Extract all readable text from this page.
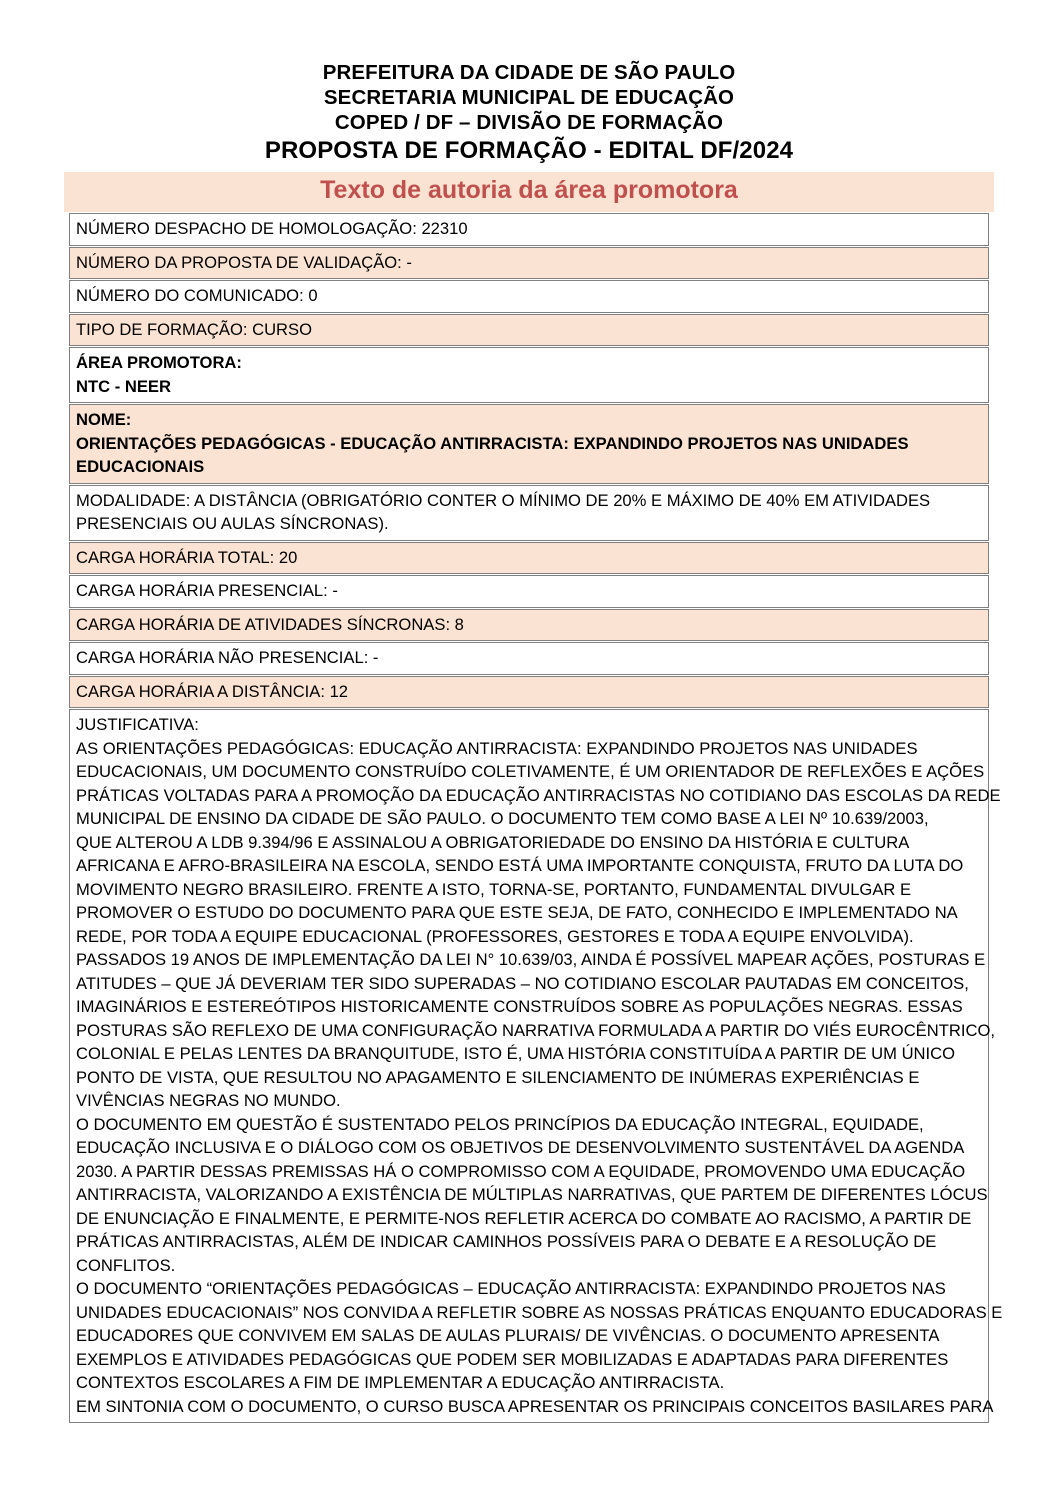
PREFEITURA DA CIDADE DE SÃO PAULO
SECRETARIA MUNICIPAL DE EDUCAÇÃO
COPED / DF – DIVISÃO DE FORMAÇÃO
PROPOSTA DE FORMAÇÃO - EDITAL DF/2024
Texto de autoria da área promotora
NÚMERO DESPACHO DE HOMOLOGAÇÃO: 22310
NÚMERO DA PROPOSTA DE VALIDAÇÃO: -
NÚMERO DO COMUNICADO: 0
TIPO DE FORMAÇÃO: CURSO
ÁREA PROMOTORA:
NTC - NEER
NOME:
ORIENTAÇÕES PEDAGÓGICAS - EDUCAÇÃO ANTIRRACISTA: EXPANDINDO PROJETOS NAS UNIDADES EDUCACIONAIS
MODALIDADE: A DISTÂNCIA (OBRIGATÓRIO CONTER O MÍNIMO DE 20% E MÁXIMO DE 40% EM ATIVIDADES PRESENCIAIS OU AULAS SÍNCRONAS).
CARGA HORÁRIA TOTAL: 20
CARGA HORÁRIA PRESENCIAL: -
CARGA HORÁRIA DE ATIVIDADES SÍNCRONAS: 8
CARGA HORÁRIA NÃO PRESENCIAL: -
CARGA HORÁRIA A DISTÂNCIA: 12

JUSTIFICATIVA:
AS ORIENTAÇÕES PEDAGÓGICAS: EDUCAÇÃO ANTIRRACISTA: EXPANDINDO PROJETOS NAS UNIDADES
EDUCACIONAIS, UM DOCUMENTO CONSTRUÍDO COLETIVAMENTE, É UM ORIENTADOR DE REFLEXÕES E AÇÕES
PRÁTICAS VOLTADAS PARA A PROMOÇÃO DA EDUCAÇÃO ANTIRRACISTAS NO COTIDIANO DAS ESCOLAS DA REDE
MUNICIPAL DE ENSINO DA CIDADE DE SÃO PAULO. O DOCUMENTO TEM COMO BASE A LEI Nº 10.639/2003,
QUE ALTEROU A LDB 9.394/96 E ASSINALOU A OBRIGATORIEDADE DO ENSINO DA HISTÓRIA E CULTURA
AFRICANA E AFRO-BRASILEIRA NA ESCOLA, SENDO ESTÁ UMA IMPORTANTE CONQUISTA, FRUTO DA LUTA DO
MOVIMENTO NEGRO BRASILEIRO. FRENTE A ISTO, TORNA-SE, PORTANTO, FUNDAMENTAL DIVULGAR E
PROMOVER O ESTUDO DO DOCUMENTO PARA QUE ESTE SEJA, DE FATO, CONHECIDO E IMPLEMENTADO NA
REDE, POR TODA A EQUIPE EDUCACIONAL (PROFESSORES, GESTORES E TODA A EQUIPE ENVOLVIDA).
PASSADOS 19 ANOS DE IMPLEMENTAÇÃO DA LEI N° 10.639/03, AINDA É POSSÍVEL MAPEAR AÇÕES, POSTURAS E
ATITUDES – QUE JÁ DEVERIAM TER SIDO SUPERADAS – NO COTIDIANO ESCOLAR PAUTADAS EM CONCEITOS,
IMAGINÁRIOS E ESTEREÓTIPOS HISTORICAMENTE CONSTRUÍDOS SOBRE AS POPULAÇÕES NEGRAS. ESSAS
POSTURAS SÃO REFLEXO DE UMA CONFIGURAÇÃO NARRATIVA FORMULADA A PARTIR DO VIÉS EUROCÊNTRICO,
COLONIAL E PELAS LENTES DA BRANQUITUDE, ISTO É, UMA HISTÓRIA CONSTITUÍDA A PARTIR DE UM ÚNICO
PONTO DE VISTA, QUE RESULTOU NO APAGAMENTO E SILENCIAMENTO DE INÚMERAS EXPERIÊNCIAS E
VIVÊNCIAS NEGRAS NO MUNDO.
O DOCUMENTO EM QUESTÃO É SUSTENTADO PELOS PRINCÍPIOS DA EDUCAÇÃO INTEGRAL, EQUIDADE,
EDUCAÇÃO INCLUSIVA E O DIÁLOGO COM OS OBJETIVOS DE DESENVOLVIMENTO SUSTENTÁVEL DA AGENDA
2030. A PARTIR DESSAS PREMISSAS HÁ O COMPROMISSO COM A EQUIDADE, PROMOVENDO UMA EDUCAÇÃO
ANTIRRACISTA, VALORIZANDO A EXISTÊNCIA DE MÚLTIPLAS NARRATIVAS, QUE PARTEM DE DIFERENTES LÓCUS
DE ENUNCIAÇÃO E FINALMENTE, E PERMITE-NOS REFLETIR ACERCA DO COMBATE AO RACISMO, A PARTIR DE
PRÁTICAS ANTIRRACISTAS, ALÉM DE INDICAR CAMINHOS POSSÍVEIS PARA O DEBATE E A RESOLUÇÃO DE
CONFLITOS.
O DOCUMENTO “ORIENTAÇÕES PEDAGÓGICAS – EDUCAÇÃO ANTIRRACISTA: EXPANDINDO PROJETOS NAS
UNIDADES EDUCACIONAIS” NOS CONVIDA A REFLETIR SOBRE AS NOSSAS PRÁTICAS ENQUANTO EDUCADORAS E
EDUCADORES QUE CONVIVEM EM SALAS DE AULAS PLURAIS/ DE VIVÊNCIAS. O DOCUMENTO APRESENTA
EXEMPLOS E ATIVIDADES PEDAGÓGICAS QUE PODEM SER MOBILIZADAS E ADAPTADAS PARA DIFERENTES
CONTEXTOS ESCOLARES A FIM DE IMPLEMENTAR A EDUCAÇÃO ANTIRRACISTA.
EM SINTONIA COM O DOCUMENTO, O CURSO BUSCA APRESENTAR OS PRINCIPAIS CONCEITOS BASILARES PARA
